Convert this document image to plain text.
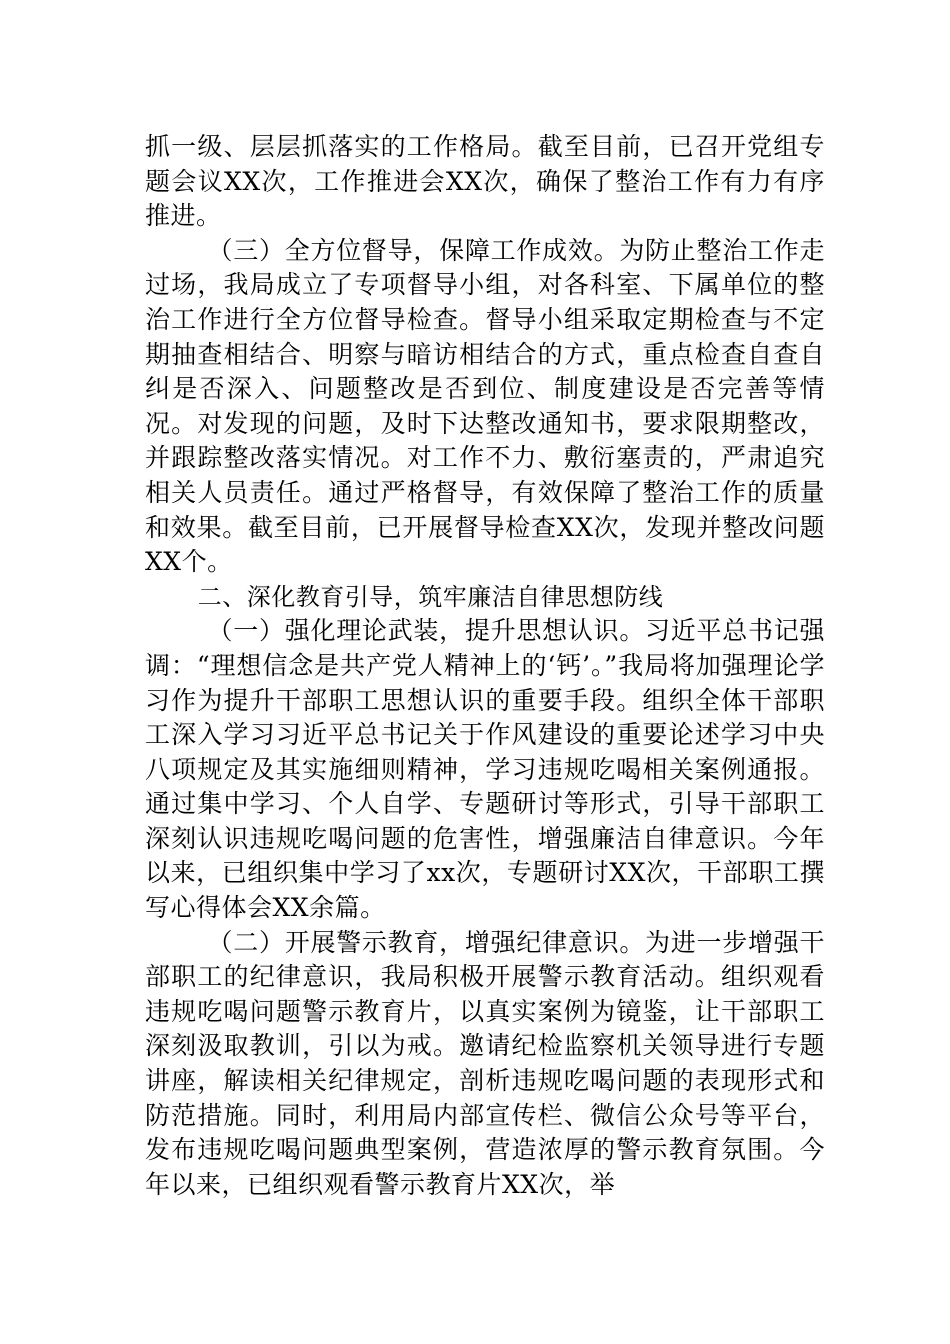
抓一级、层层抓落实的工作格局。截至目前，已召开党组专题会议XX次，工作推进会XX次，确保了整治工作有力有序推进。

（三）全方位督导，保障工作成效。为防止整治工作走过场，我局成立了专项督导小组，对各科室、下属单位的整治工作进行全方位督导检查。督导小组采取定期检查与不定期抽查相结合、明察与暗访相结合的方式，重点检查自查自纠是否深入、问题整改是否到位、制度建设是否完善等情况。对发现的问题，及时下达整改通知书，要求限期整改，并跟踪整改落实情况。对工作不力、敷衍塞责的，严肃追究相关人员责任。通过严格督导，有效保障了整治工作的质量和效果。截至目前，已开展督导检查XX次，发现并整改问题XX个。

二、深化教育引导，筑牢廉洁自律思想防线

（一）强化理论武装，提升思想认识。习近平总书记强调：“理想信念是共产党人精神上的‘钙’。”我局将加强理论学习作为提升干部职工思想认识的重要手段。组织全体干部职工深入学习习近平总书记关于作风建设的重要论述学习中央八项规定及其实施细则精神，学习违规吃喝相关案例通报。通过集中学习、个人自学、专题研讨等形式，引导干部职工深刻认识违规吃喝问题的危害性，增强廉洁自律意识。今年以来，已组织集中学习了xx次，专题研讨XX次，干部职工撰写心得体会XX余篇。

（二）开展警示教育，增强纪律意识。为进一步增强干部职工的纪律意识，我局积极开展警示教育活动。组织观看违规吃喝问题警示教育片，以真实案例为镜鉴，让干部职工深刻汲取教训，引以为戒。邀请纪检监察机关领导进行专题讲座，解读相关纪律规定，剖析违规吃喝问题的表现形式和防范措施。同时，利用局内部宣传栏、微信公众号等平台，发布违规吃喝问题典型案例，营造浓厚的警示教育氛围。今年以来，已组织观看警示教育片XX次，举
